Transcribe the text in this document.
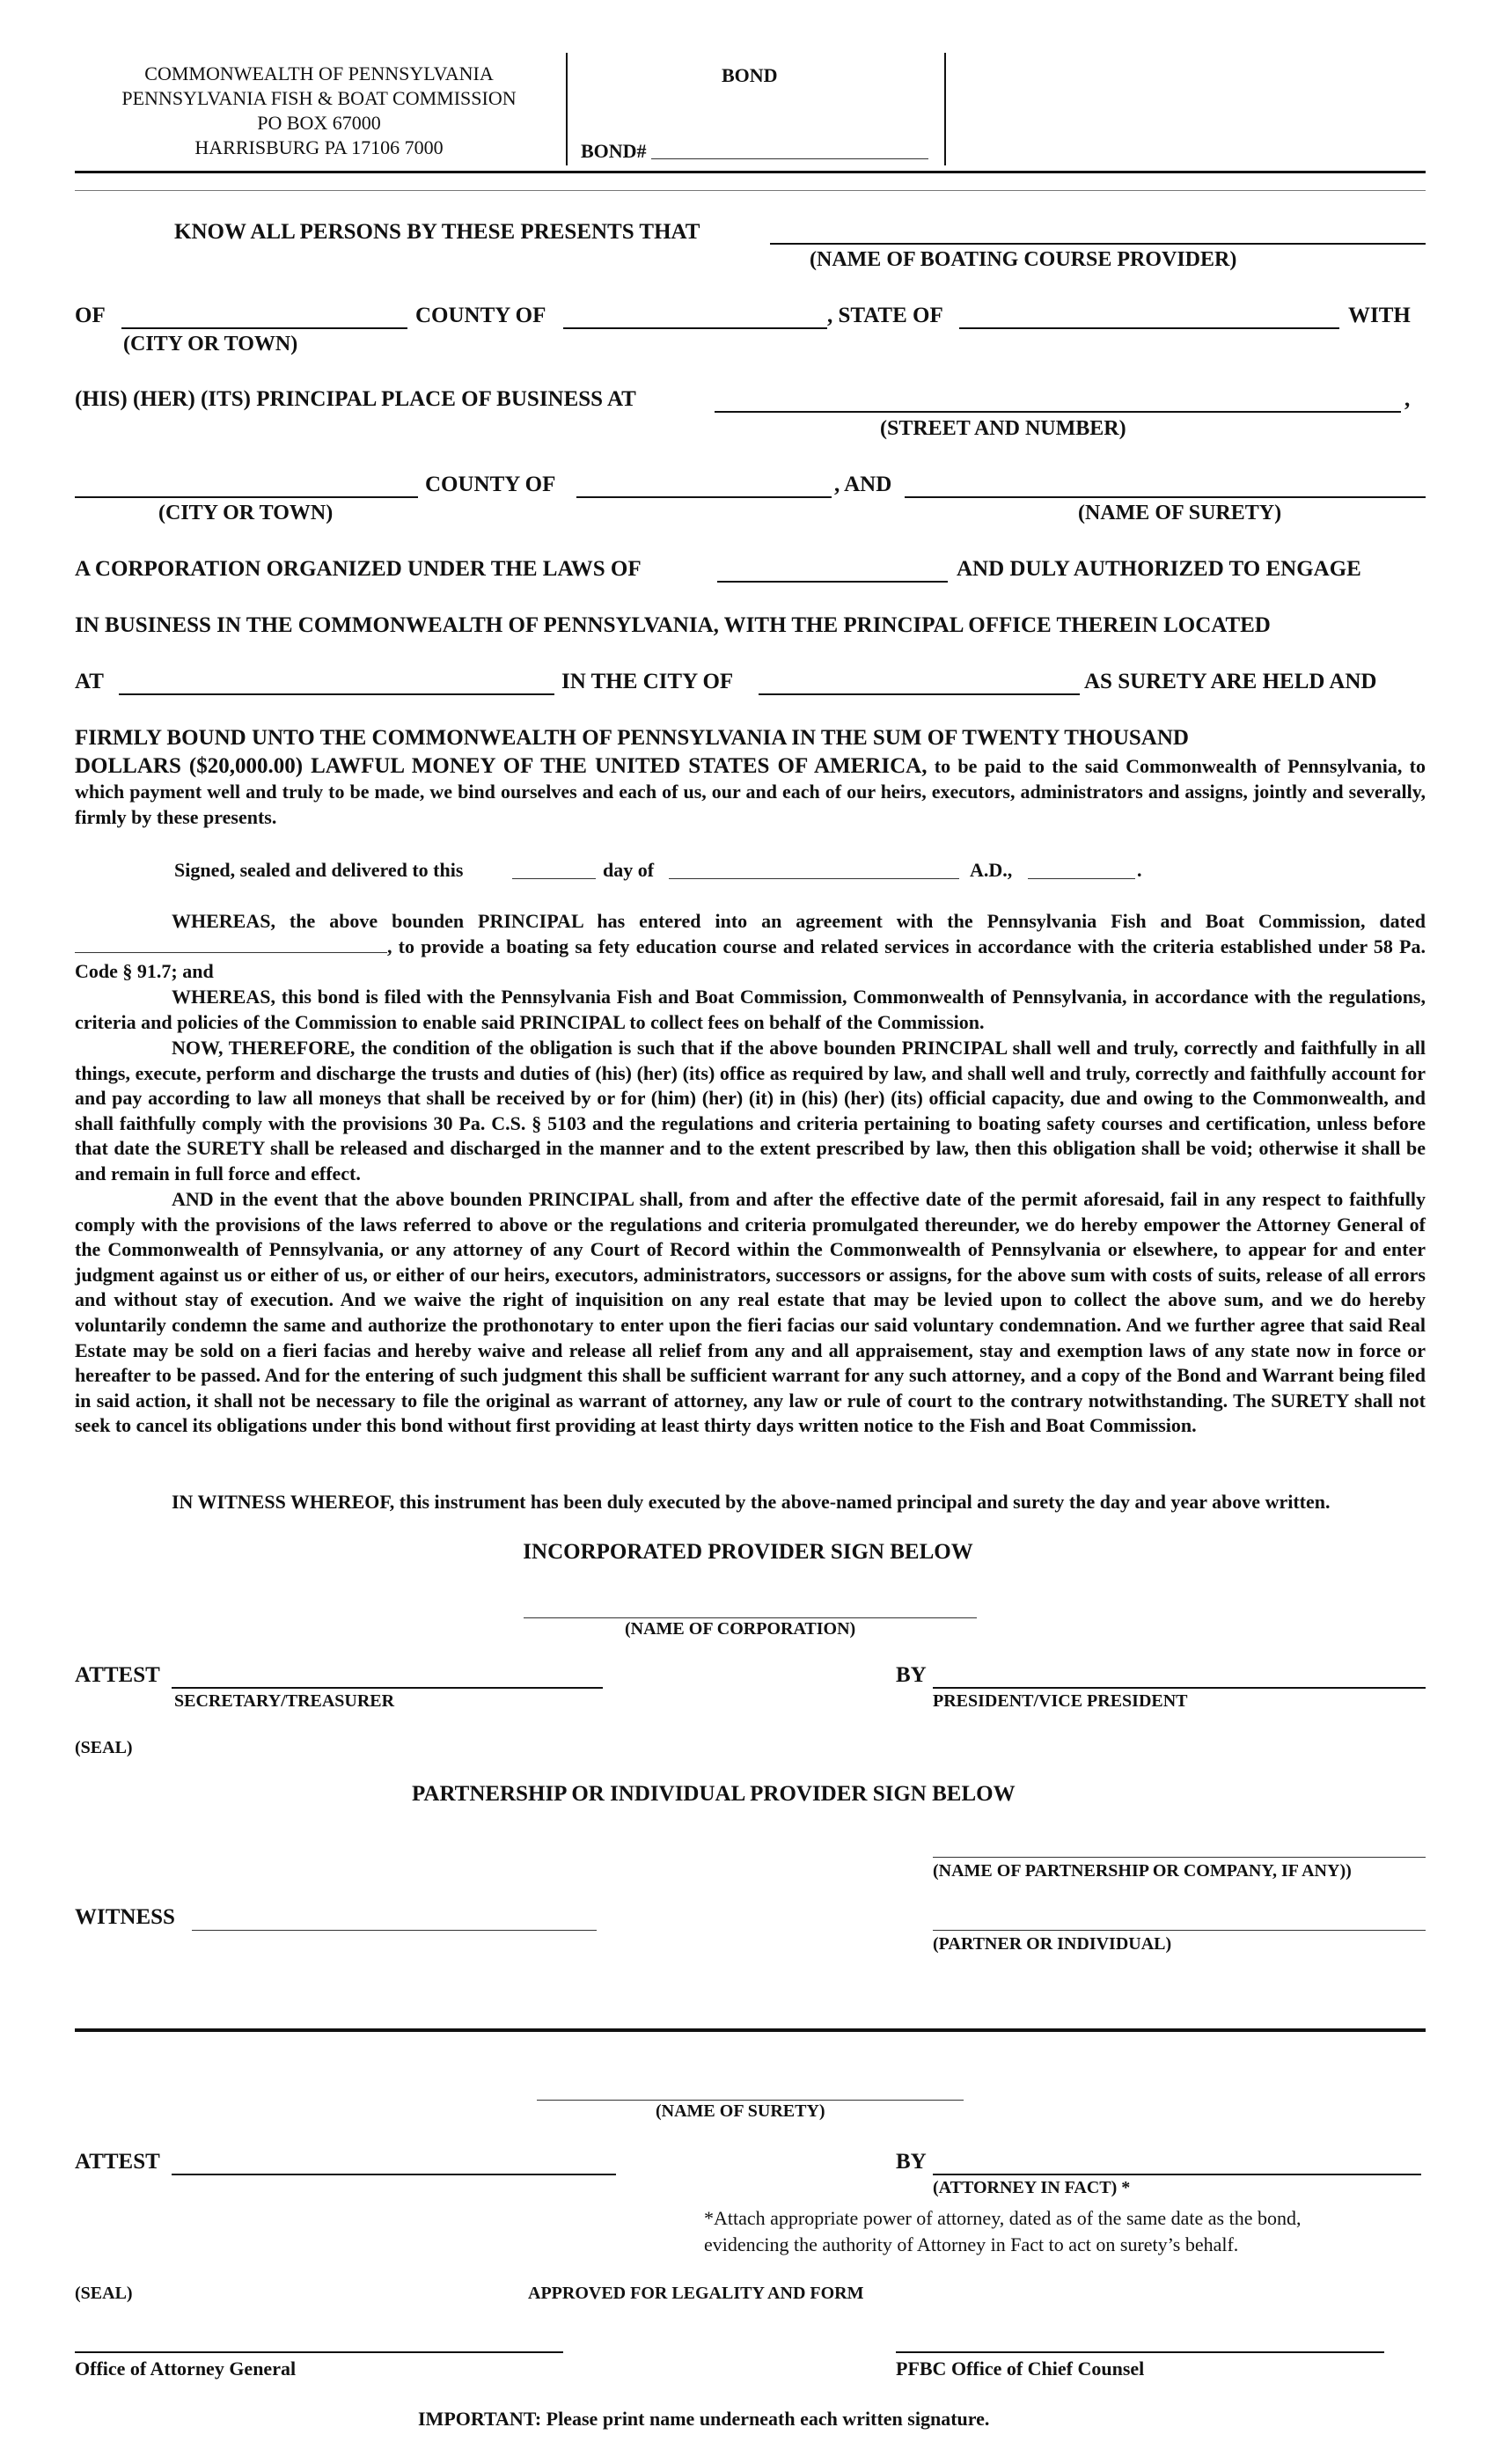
COMMONWEALTH OF PENNSYLVANIA
PENNSYLVANIA FISH & BOAT COMMISSION
PO BOX 67000
HARRISBURG PA 17106 7000
BOND
BOND#
KNOW ALL PERSONS BY THESE PRESENTS THAT
(NAME OF BOATING COURSE PROVIDER)
OF	COUNTY OF	, STATE OF	WITH
(CITY OR TOWN)
(HIS) (HER) (ITS) PRINCIPAL PLACE OF BUSINESS AT	,
(STREET AND NUMBER)
COUNTY OF	, AND
(CITY OR TOWN)	(NAME OF SURETY)
A CORPORATION ORGANIZED UNDER THE LAWS OF	AND DULY AUTHORIZED TO ENGAGE
IN BUSINESS IN THE COMMONWEALTH OF PENNSYLVANIA, WITH THE PRINCIPAL OFFICE THEREIN LOCATED
AT	IN THE CITY OF	AS SURETY ARE HELD AND
FIRMLY BOUND UNTO THE COMMONWEALTH OF PENNSYLVANIA IN THE SUM OF TWENTY THOUSAND
DOLLARS ($20,000.00) LAWFUL MONEY OF THE UNITED STATES OF AMERICA, to be paid to the said Commonwealth of Pennsylvania, to which payment well and truly to be made, we bind ourselves and each of us, our and each of our heirs, executors, administrators and assigns, jointly and severally, firmly by these presents.
Signed, sealed and delivered to this	day of	A.D.,	.
WHEREAS, the above bounden PRINCIPAL has entered into an agreement with the Pennsylvania Fish and Boat Commission, dated , to provide a boating sa fety education course and related services in accordance with the criteria established under 58 Pa. Code § 91.7; and
WHEREAS, this bond is filed with the Pennsylvania Fish and Boat Commission, Commonwealth of Pennsylvania, in accordance with the regulations, criteria and policies of the Commission to enable said PRINCIPAL to collect fees on behalf of the Commission.
NOW, THEREFORE, the condition of the obligation is such that if the above bounden PRINCIPAL shall well and truly, correctly and faithfully in all things, execute, perform and discharge the trusts and duties of (his) (her) (its) office as required by law, and shall well and truly, correctly and faithfully account for and pay according to law all moneys that shall be received by or for (him) (her) (it) in (his) (her) (its) official capacity, due and owing to the Commonwealth, and shall faithfully comply with the provisions 30 Pa. C.S. § 5103 and the regulations and criteria pertaining to boating safety courses and certification, unless before that date the SURETY shall be released and discharged in the manner and to the extent prescribed by law, then this obligation shall be void; otherwise it shall be and remain in full force and effect.
AND in the event that the above bounden PRINCIPAL shall, from and after the effective date of the permit aforesaid, fail in any respect to faithfully comply with the provisions of the laws referred to above or the regulations and criteria promulgated thereunder, we do hereby empower the Attorney General of the Commonwealth of Pennsylvania, or any attorney of any Court of Record within the Commonwealth of Pennsylvania or elsewhere, to appear for and enter judgment against us or either of us, or either of our heirs, executors, administrators, successors or assigns, for the above sum with costs of suits, release of all errors and without stay of execution. And we waive the right of inquisition on any real estate that may be levied upon to collect the above sum, and we do hereby voluntarily condemn the same and authorize the prothonotary to enter upon the fieri facias our said voluntary condemnation. And we further agree that said Real Estate may be sold on a fieri facias and hereby waive and release all relief from any and all appraisement, stay and exemption laws of any state now in force or hereafter to be passed. And for the entering of such judgment this shall be sufficient warrant for any such attorney, and a copy of the Bond and Warrant being filed in said action, it shall not be necessary to file the original as warrant of attorney, any law or rule of court to the contrary notwithstanding. The SURETY shall not seek to cancel its obligations under this bond without first providing at least thirty days written notice to the Fish and Boat Commission.
IN WITNESS WHEREOF, this instrument has been duly executed by the above-named principal and surety the day and year above written.
INCORPORATED PROVIDER SIGN BELOW
(NAME OF CORPORATION)
ATTEST
SECRETARY/TREASURER
BY
PRESIDENT/VICE PRESIDENT
(SEAL)
PARTNERSHIP OR INDIVIDUAL PROVIDER SIGN BELOW
(NAME OF PARTNERSHIP OR COMPANY, IF ANY))
WITNESS
(PARTNER OR INDIVIDUAL)
(NAME OF SURETY)
ATTEST	BY
(ATTORNEY IN FACT) *
*Attach appropriate power of attorney, dated as of the same date as the bond,
evidencing the authority of Attorney in Fact to act on surety’s behalf.
(SEAL)	APPROVED FOR LEGALITY AND FORM
Office of Attorney General	PFBC Office of Chief Counsel
IMPORTANT: Please print name underneath each written signature.
